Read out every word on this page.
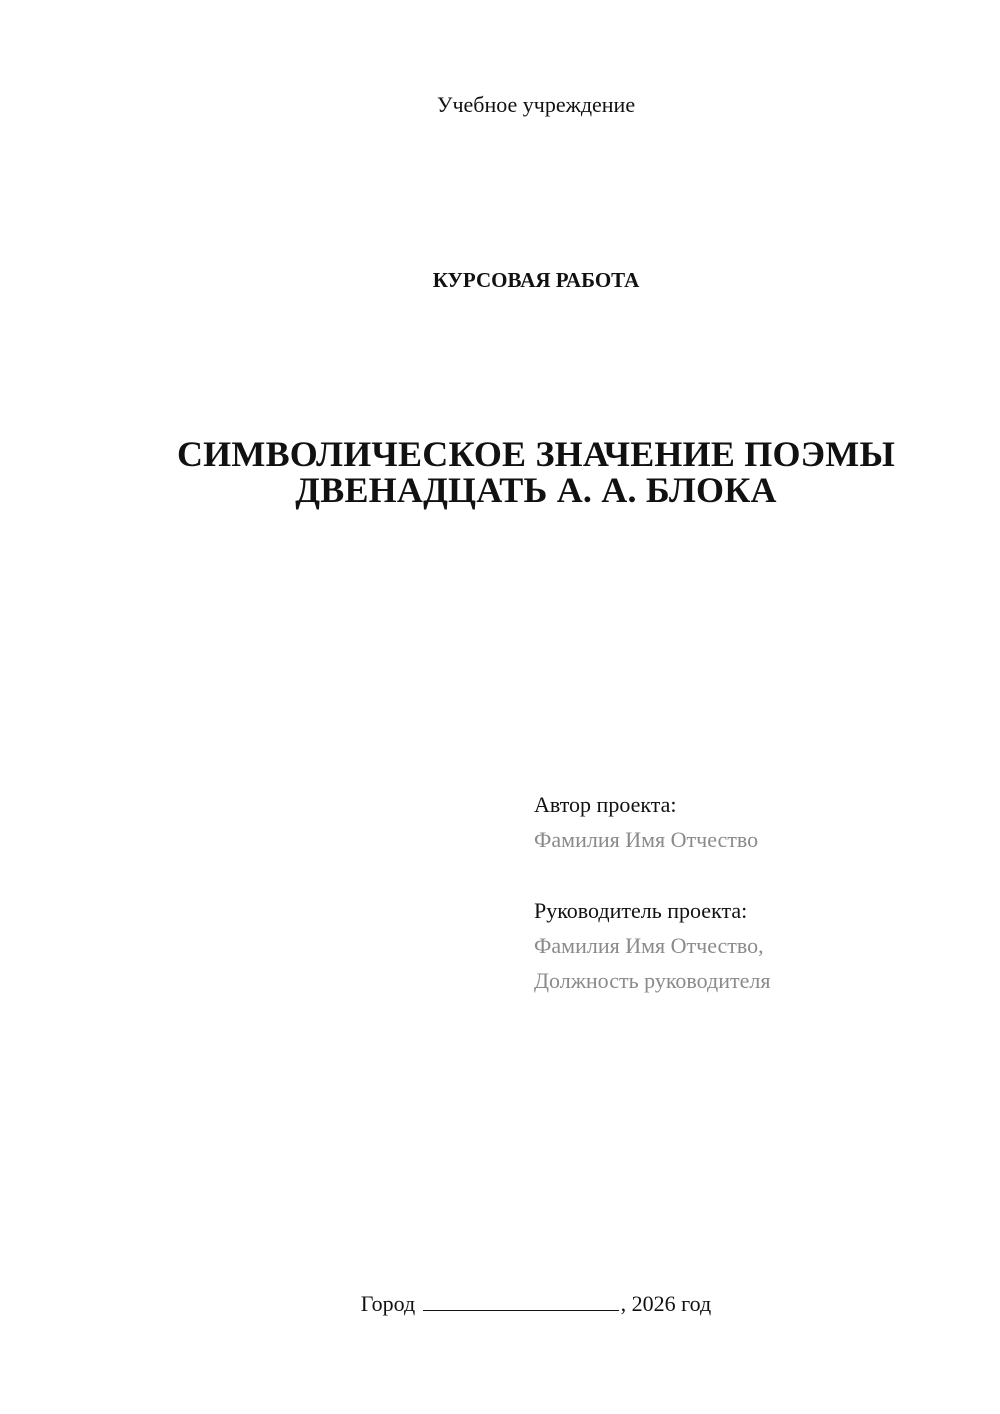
Учебное учреждение
КУРСОВАЯ РАБОТА
СИМВОЛИЧЕСКОЕ ЗНАЧЕНИЕ ПОЭМЫ
ДВЕНАДЦАТЬ А. А. БЛОКА
Автор проекта:
Фамилия Имя Отчество
Руководитель проекта:
Фамилия Имя Отчество,
Должность руководителя
Город	, 2026 год
